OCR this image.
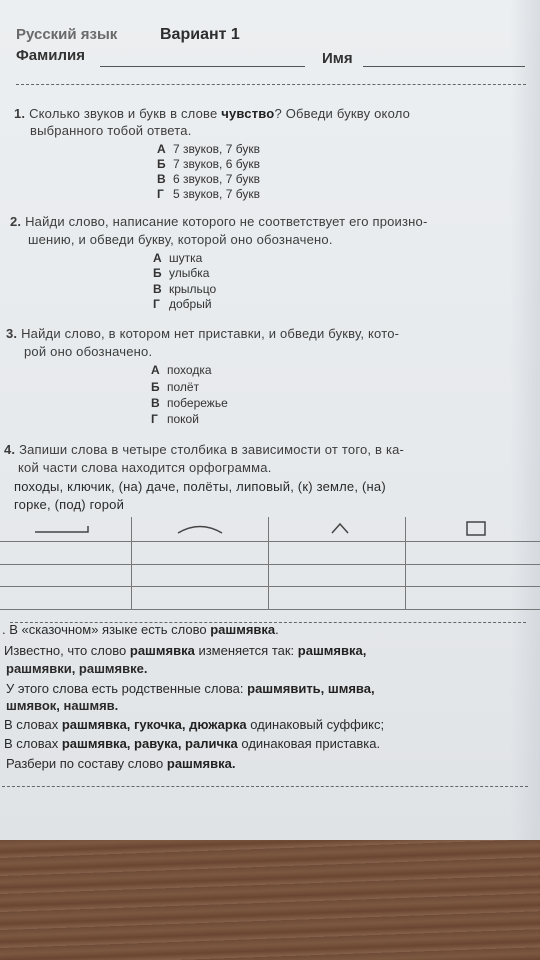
Русский язык	Вариант 1
Фамилия	Имя
1. Сколько звуков и букв в слове чувство? Обведи букву около
выбранного тобой ответа.
А 7 звуков, 7 букв
Б 7 звуков, 6 букв
В 6 звуков, 7 букв
Г 5 звуков, 7 букв
2. Найди слово, написание которого не соответствует его произно-
шению, и обведи букву, которой оно обозначено.
А шутка
Б улыбка
В крыльцо
Г добрый
3. Найди слово, в котором нет приставки, и обведи букву, кото-
рой оно обозначено.
А походка
Б полёт
В побережье
Г покой
4. Запиши слова в четыре столбика в зависимости от того, в ка-
кой части слова находится орфограмма.
походы, ключик, (на) даче, полёты, липовый, (к) земле, (на)
горке, (под) горой
. В «сказочном» языке есть слово рашмявка.
Известно, что слово рашмявка изменяется так: рашмявка,
рашмявки, рашмявке.
У этого слова есть родственные слова: рашмявить, шмява,
шмявок, нашмяв.
В словах рашмявка, гукочка, дюжарка одинаковый суффикс;
В словах рашмявка, равука, раличка одинаковая приставка.
Разбери по составу слово рашмявка.
